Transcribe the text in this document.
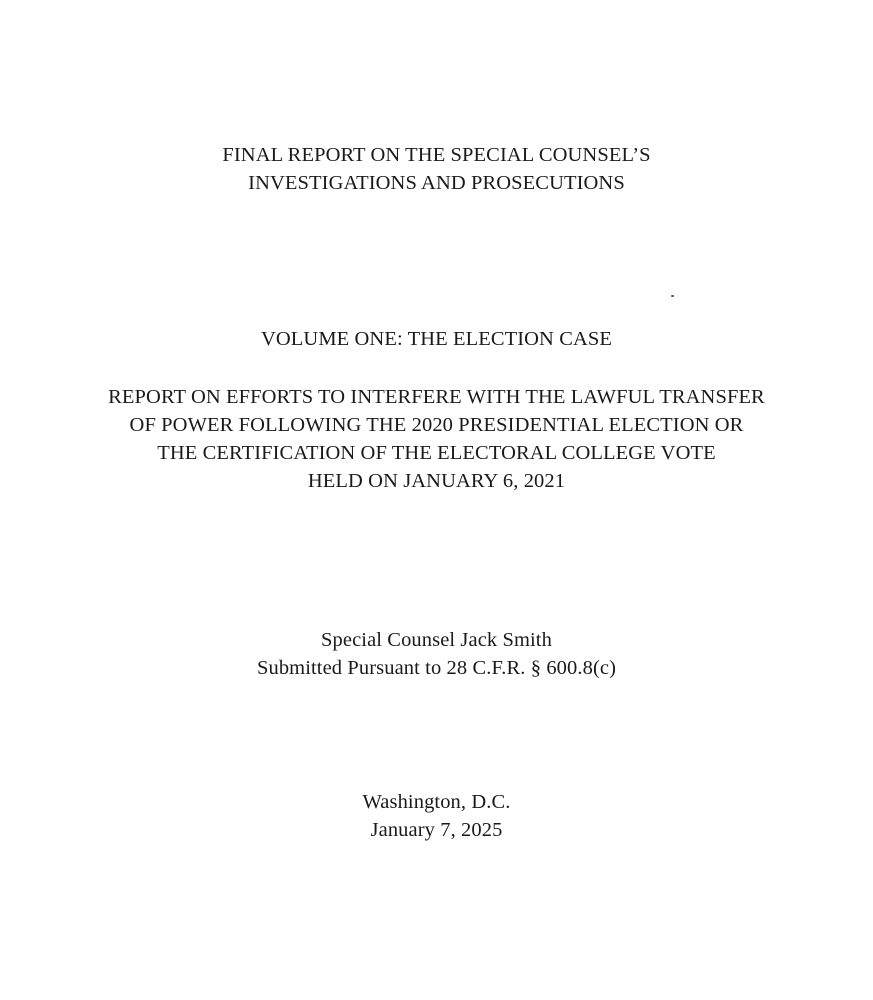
FINAL REPORT ON THE SPECIAL COUNSEL’S
INVESTIGATIONS AND PROSECUTIONS
VOLUME ONE: THE ELECTION CASE
REPORT ON EFFORTS TO INTERFERE WITH THE LAWFUL TRANSFER
OF POWER FOLLOWING THE 2020 PRESIDENTIAL ELECTION OR
THE CERTIFICATION OF THE ELECTORAL COLLEGE VOTE
HELD ON JANUARY 6, 2021
Special Counsel Jack Smith
Submitted Pursuant to 28 C.F.R. § 600.8(c)
Washington, D.C.
January 7, 2025
